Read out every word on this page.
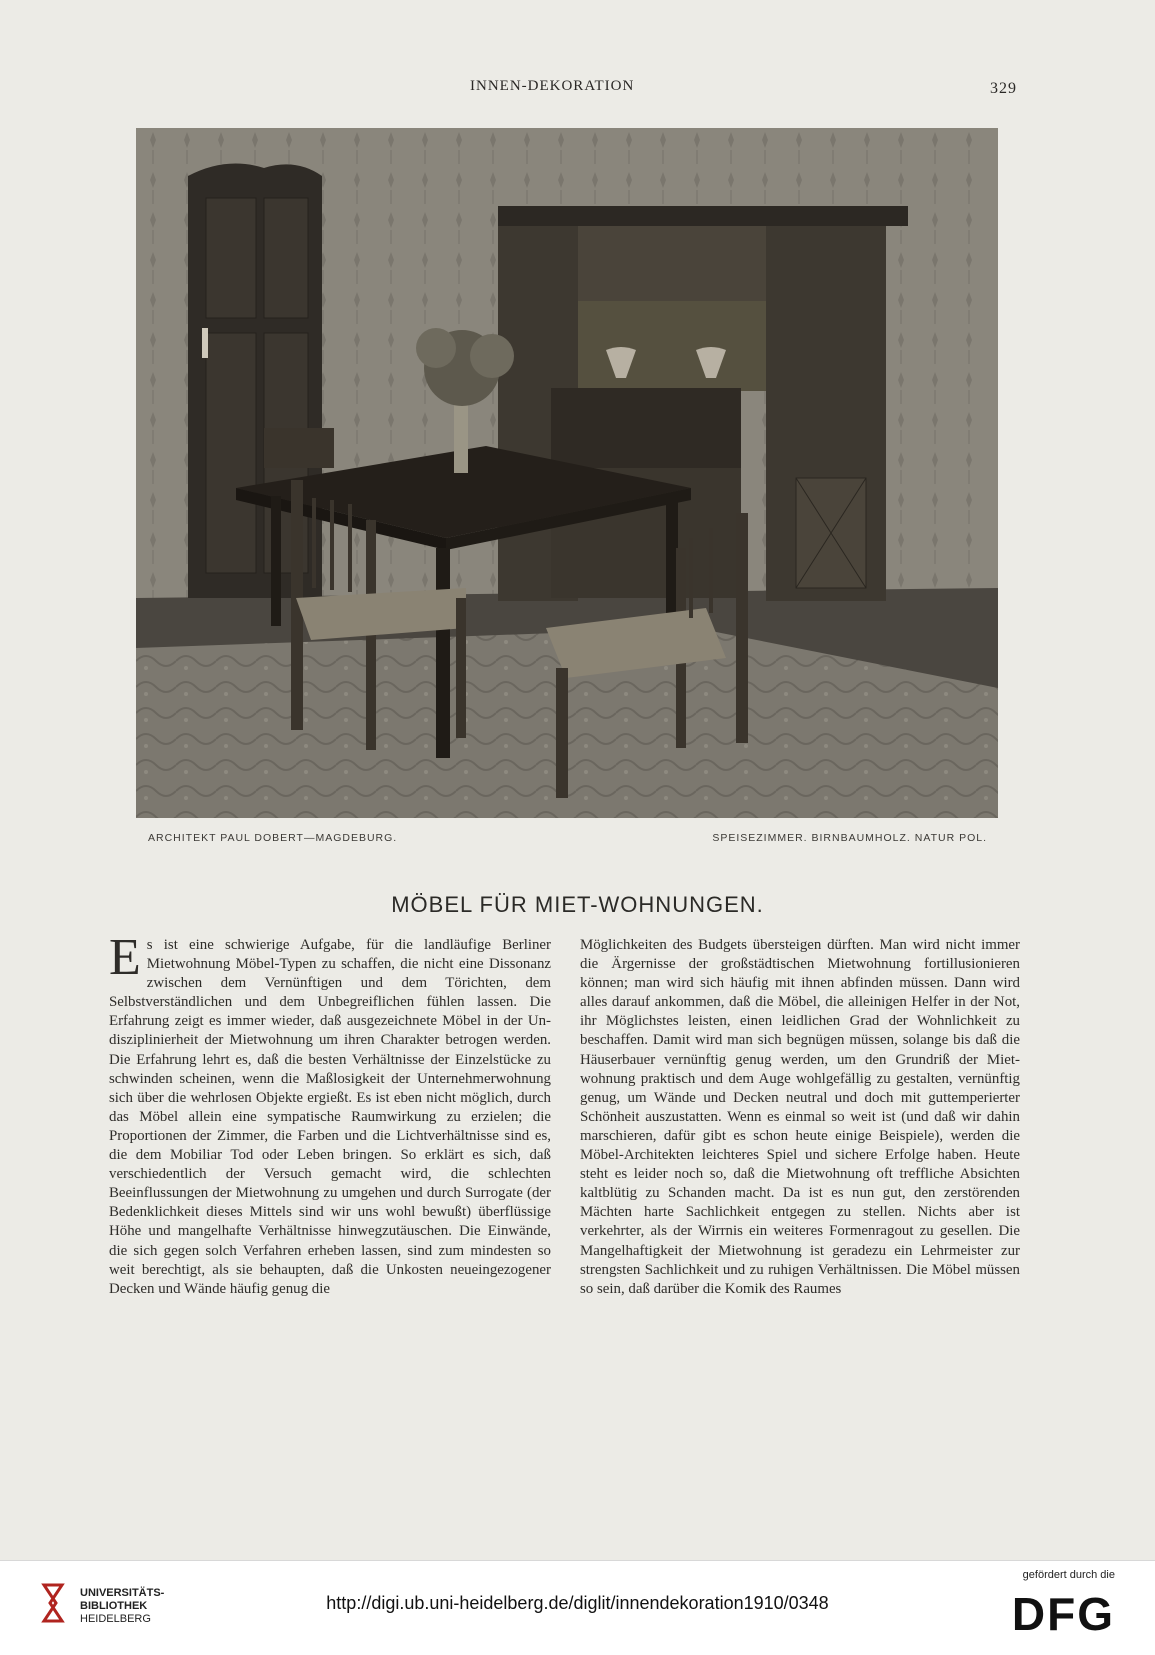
INNEN-DEKORATION	329
ARCHITEKT PAUL DOBERT—MAGDEBURG.	SPEISEZIMMER. BIRNBAUMHOLZ. NATUR POL.
MÖBEL FÜR MIET-WOHNUNGEN.
Es ist eine schwierige Aufgabe, für die landläufige Berliner Mietwohnung Möbel-Typen zu schaffen, die nicht eine Dissonanz zwischen dem Vernünftigen und dem Törichten, dem Selbstverständlichen und dem Unbegreiflichen fühlen lassen. Die Erfahrung zeigt es immer wieder, daß ausgezeichnete Möbel in der Undisziplinierheit der Mietwohnung um ihren Charakter betrogen werden. Die Erfahrung lehrt es, daß die besten Verhältnisse der Einzelstücke zu schwinden scheinen, wenn die Maßlosigkeit der Unternehmerwohnung sich über die wehrlosen Objekte ergießt. Es ist eben nicht möglich, durch das Möbel allein eine sympatische Raumwirkung zu erzielen; die Proportionen der Zimmer, die Farben und die Lichtverhältnisse sind es, die dem Mobiliar Tod oder Leben bringen. So erklärt es sich, daß verschiedentlich der Versuch gemacht wird, die schlechten Beeinflussungen der Mietwohnung zu umgehen und durch Surrogate (der Bedenklichkeit dieses Mittels sind wir uns wohl bewußt) überflüssige Höhe und mangelhafte Verhältnisse hinwegzutäuschen. Die Einwände, die sich gegen solch Verfahren erheben lassen, sind zum mindesten so weit berechtigt, als sie behaupten, daß die Unkosten neueingezogener Decken und Wände häufig genug die
Möglichkeiten des Budgets übersteigen dürften. Man wird nicht immer die Ärgernisse der großstädtischen Mietwohnung fortillusionieren können; man wird sich häufig mit ihnen abfinden müssen. Dann wird alles darauf ankommen, daß die Möbel, die alleinigen Helfer in der Not, ihr Möglichstes leisten, einen leidlichen Grad der Wohnlichkeit zu beschaffen. Damit wird man sich begnügen müssen, solange bis daß die Häuserbauer vernünftig genug werden, um den Grundriß der Mietwohnung praktisch und dem Auge wohlgefällig zu gestalten, vernünftig genug, um Wände und Decken neutral und doch mit guttemperierter Schönheit auszustatten. Wenn es einmal so weit ist (und daß wir dahin marschieren, dafür gibt es schon heute einige Beispiele), werden die Möbel-Architekten leichteres Spiel und sichere Erfolge haben. Heute steht es leider noch so, daß die Mietwohnung oft treffliche Absichten kaltblütig zu Schanden macht. Da ist es nun gut, den zerstörenden Mächten harte Sachlichkeit entgegen zu stellen. Nichts aber ist verkehrter, als der Wirrnis ein weiteres Formenragout zu gesellen. Die Mangelhaftigkeit der Mietwohnung ist geradezu ein Lehrmeister zur strengsten Sachlichkeit und zu ruhigen Verhältnissen. Die Möbel müssen so sein, daß darüber die Komik des Raumes
UNIVERSITÄTS-
BIBLIOTHEK
HEIDELBERG
http://digi.ub.uni-heidelberg.de/diglit/innendekoration1910/0348
gefördert durch die
DFG
